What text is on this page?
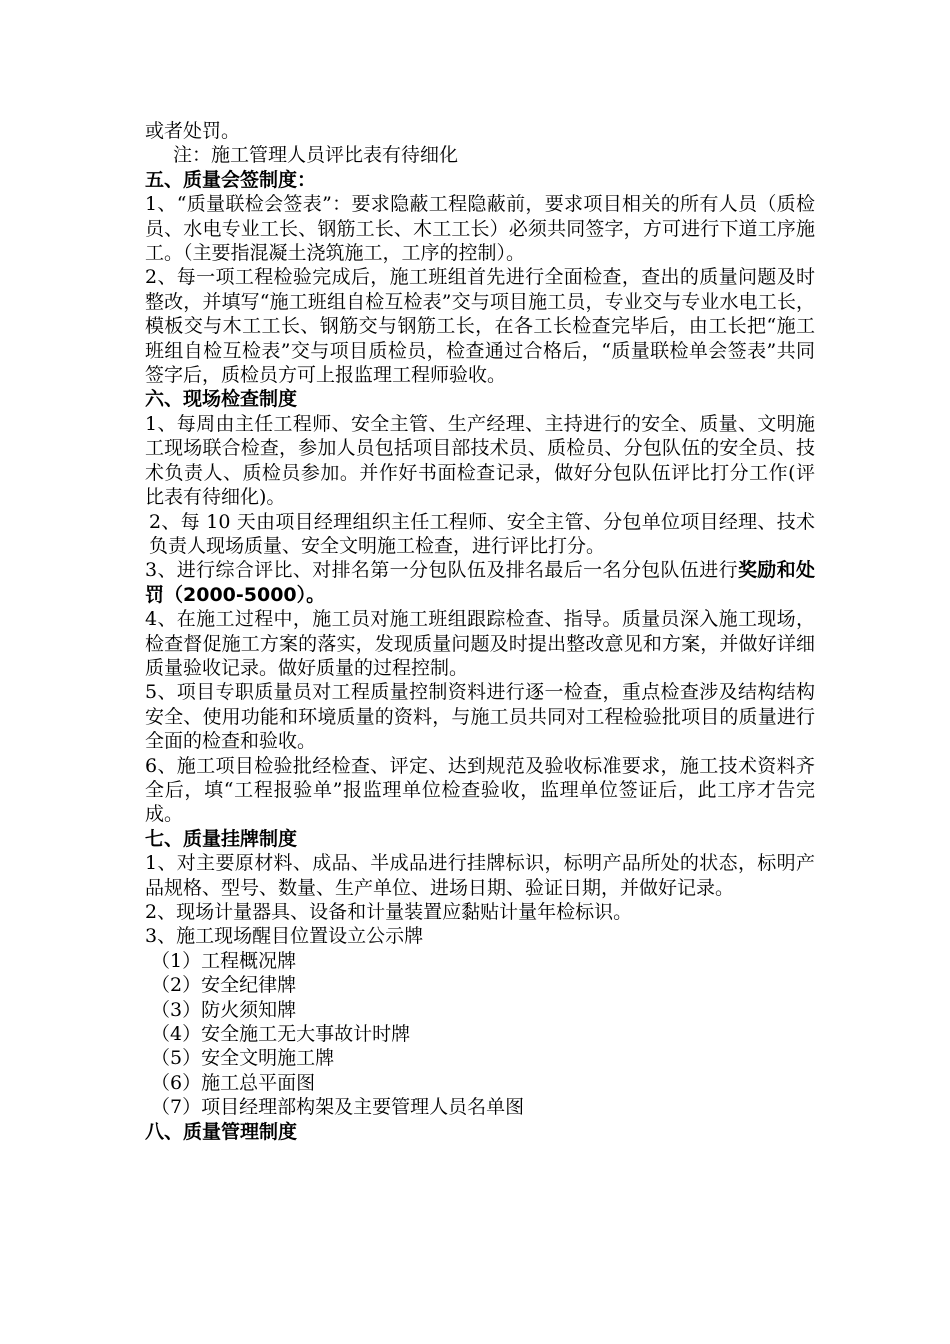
或者处罚。

注：施工管理人员评比表有待细化

五、质量会签制度：

1、“质量联检会签表”：要求隐蔽工程隐蔽前，要求项目相关的所有人员（质检员、水电专业工长、钢筋工长、木工工长）必须共同签字，方可进行下道工序施工。（主要指混凝土浇筑施工，工序的控制）。

2、每一项工程检验完成后，施工班组首先进行全面检查，查出的质量问题及时整改，并填写“施工班组自检互检表”交与项目施工员，专业交与专业水电工长，模板交与木工工长、钢筋交与钢筋工长，在各工长检查完毕后，由工长把“施工班组自检互检表”交与项目质检员，检查通过合格后，“质量联检单会签表”共同签字后，质检员方可上报监理工程师验收。

六、现场检查制度

1、每周由主任工程师、安全主管、生产经理、主持进行的安全、质量、文明施工现场联合检查，参加人员包括项目部技术员、质检员、分包队伍的安全员、技术负责人、质检员参加。并作好书面检查记录，做好分包队伍评比打分工作(评比表有待细化)。

2、每 10 天由项目经理组织主任工程师、安全主管、分包单位项目经理、技术负责人现场质量、安全文明施工检查，进行评比打分。

3、进行综合评比、对排名第一分包队伍及排名最后一名分包队伍进行奖励和处罚（2000-5000）。

4、在施工过程中，施工员对施工班组跟踪检查、指导。质量员深入施工现场，检查督促施工方案的落实，发现质量问题及时提出整改意见和方案，并做好详细质量验收记录。做好质量的过程控制。

5、项目专职质量员对工程质量控制资料进行逐一检查，重点检查涉及结构结构安全、使用功能和环境质量的资料，与施工员共同对工程检验批项目的质量进行全面的检查和验收。

6、施工项目检验批经检查、评定、达到规范及验收标准要求，施工技术资料齐全后，填“工程报验单”报监理单位检查验收，监理单位签证后，此工序才告完成。

七、质量挂牌制度

1、对主要原材料、成品、半成品进行挂牌标识，标明产品所处的状态，标明产品规格、型号、数量、生产单位、进场日期、验证日期，并做好记录。

2、现场计量器具、设备和计量装置应黏贴计量年检标识。

3、施工现场醒目位置设立公示牌

（1）工程概况牌

（2）安全纪律牌

（3）防火须知牌

（4）安全施工无大事故计时牌

（5）安全文明施工牌

（6）施工总平面图

（7）项目经理部构架及主要管理人员名单图

八、质量管理制度
